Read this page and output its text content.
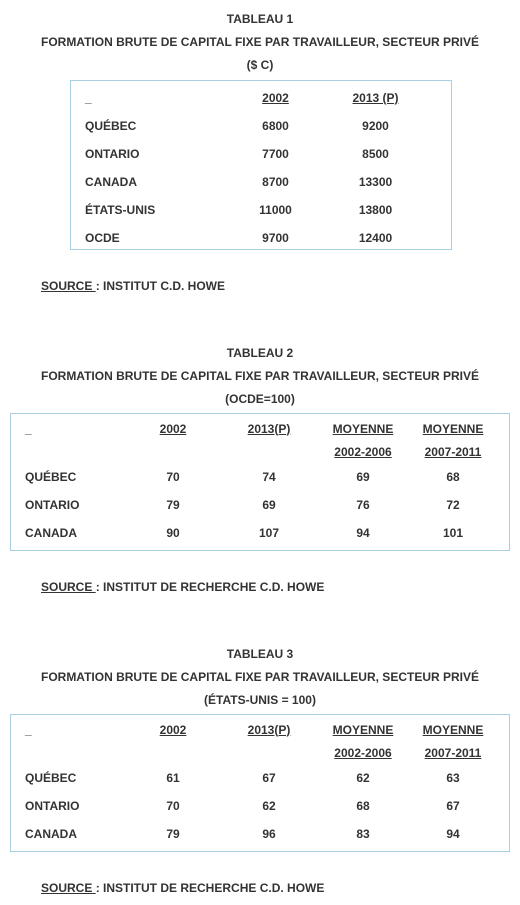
TABLEAU 1
FORMATION BRUTE DE CAPITAL FIXE PAR TRAVAILLEUR, SECTEUR PRIVÉ
($ C)
_	2002	2013 (P)
QUÉBEC	6800	9200
ONTARIO	7700	8500
CANADA	8700	13300
ÉTATS-UNIS	11000	13800
OCDE	9700	12400
SOURCE : INSTITUT C.D. HOWE
TABLEAU 2
FORMATION BRUTE DE CAPITAL FIXE PAR TRAVAILLEUR, SECTEUR PRIVÉ
(OCDE=100)
_	2002	2013(P)	MOYENNE	MOYENNE
			2002-2006	2007-2011
QUÉBEC	70	74	69	68
ONTARIO	79	69	76	72
CANADA	90	107	94	101
SOURCE : INSTITUT DE RECHERCHE C.D. HOWE
TABLEAU 3
FORMATION BRUTE DE CAPITAL FIXE PAR TRAVAILLEUR, SECTEUR PRIVÉ
(ÉTATS-UNIS = 100)
_	2002	2013(P)	MOYENNE	MOYENNE
			2002-2006	2007-2011
QUÉBEC	61	67	62	63
ONTARIO	70	62	68	67
CANADA	79	96	83	94
SOURCE : INSTITUT DE RECHERCHE C.D. HOWE
